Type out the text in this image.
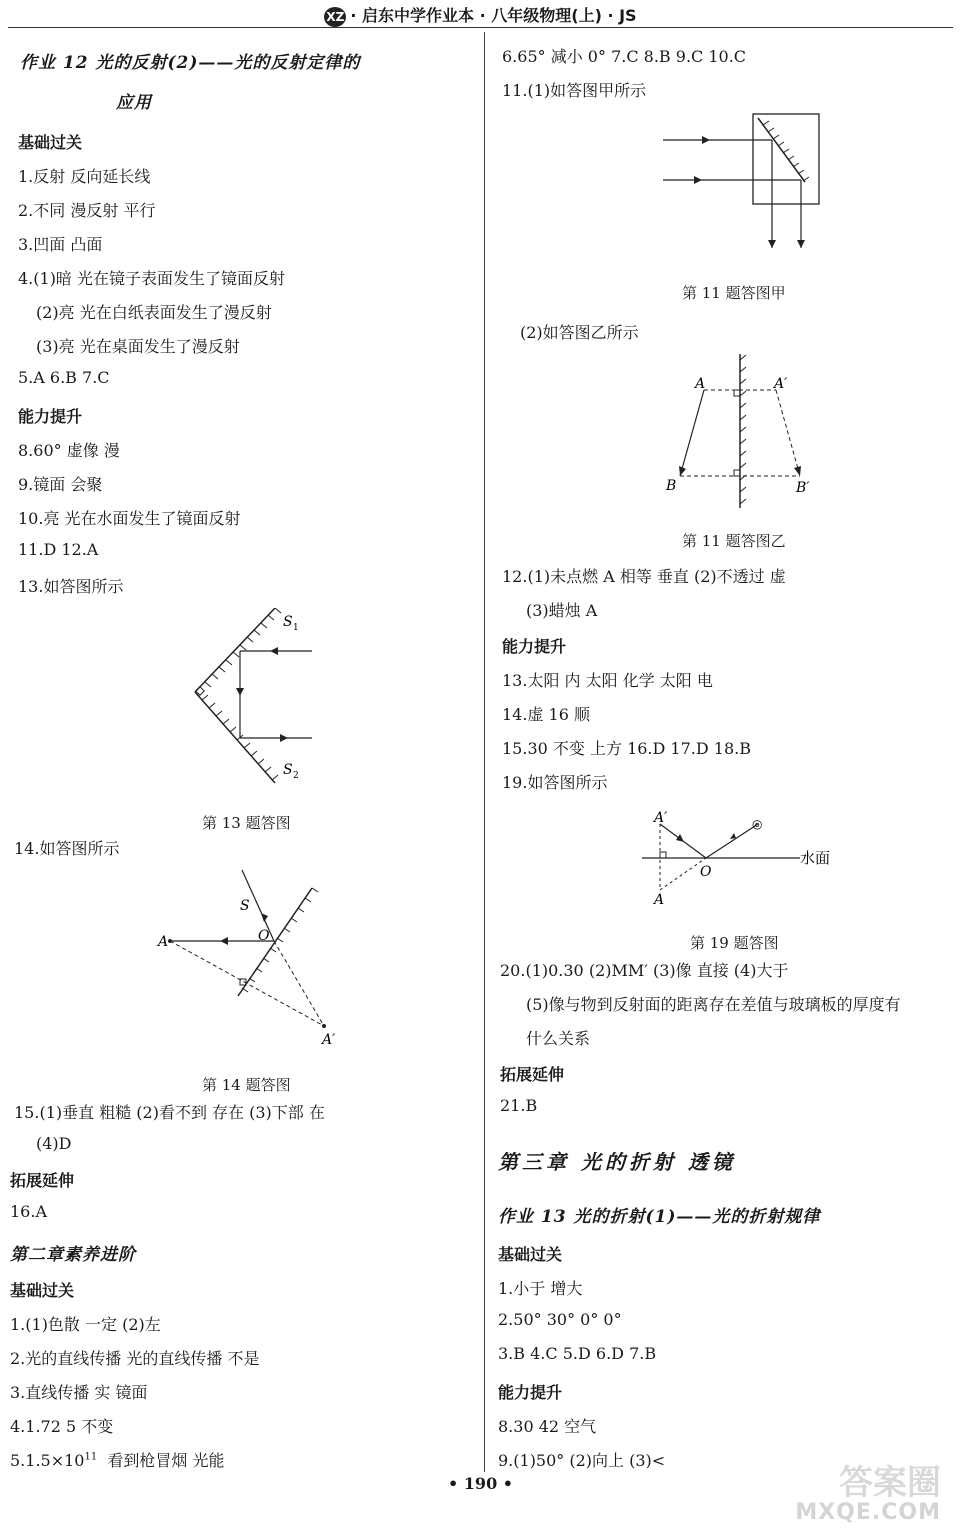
XZ · 启东中学作业本 · 八年级物理(上) · JS
作业 12 光的反射(2)——光的反射定律的
应用
基础过关
1.反射 反向延长线
2.不同 漫反射 平行
3.凹面 凸面
4.(1)暗 光在镜子表面发生了镜面反射
(2)亮 光在白纸表面发生了漫反射
(3)亮 光在桌面发生了漫反射
5.A 6.B 7.C
能力提升
8.60° 虚像 漫
9.镜面 会聚
10.亮 光在水面发生了镜面反射
11.D 12.A
13.如答图所示
S 1
S 2
第 13 题答图
14.如答图所示
S
O
A
A′
第 14 题答图
15.(1)垂直 粗糙 (2)看不到 存在 (3)下部 在
(4)D
拓展延伸
16.A
第二章素养进阶
基础过关
1.(1)色散 一定 (2)左
2.光的直线传播 光的直线传播 不是
3.直线传播 实 镜面
4.1.72 5 不变
$5.1.5\times 10^{11}$ 看到枪冒烟 光能
6.65° 减小 0° 7.C 8.B 9.C 10.C
11.(1)如答图甲所示
第 11 题答图甲
(2)如答图乙所示
A	A′
B	B′
第 11 题答图乙
12.(1)未点燃 A 相等 垂直 (2)不透过 虚
(3)蜡烛 A
能力提升
13.太阳 内 太阳 化学 太阳 电
14.虚 16 顺
15.30 不变 上方 16.D 17.D 18.B
19.如答图所示
◎
A′
O
A
水面
第 19 题答图
20.(1)0.30 (2)MM′ (3)像 直接 (4)大于
(5)像与物到反射面的距离存在差值与玻璃板的厚度有
什么关系
拓展延伸
21.B
第三章 光的折射 透镜
作业 13 光的折射(1)——光的折射规律
基础过关
1.小于 增大
2.50° 30° 0° 0°
3.B 4.C 5.D 6.D 7.B
能力提升
8.30 42 空气
9.(1)50° (2)向上 (3)<
• 190 •	答案圈
MXQE.COM
